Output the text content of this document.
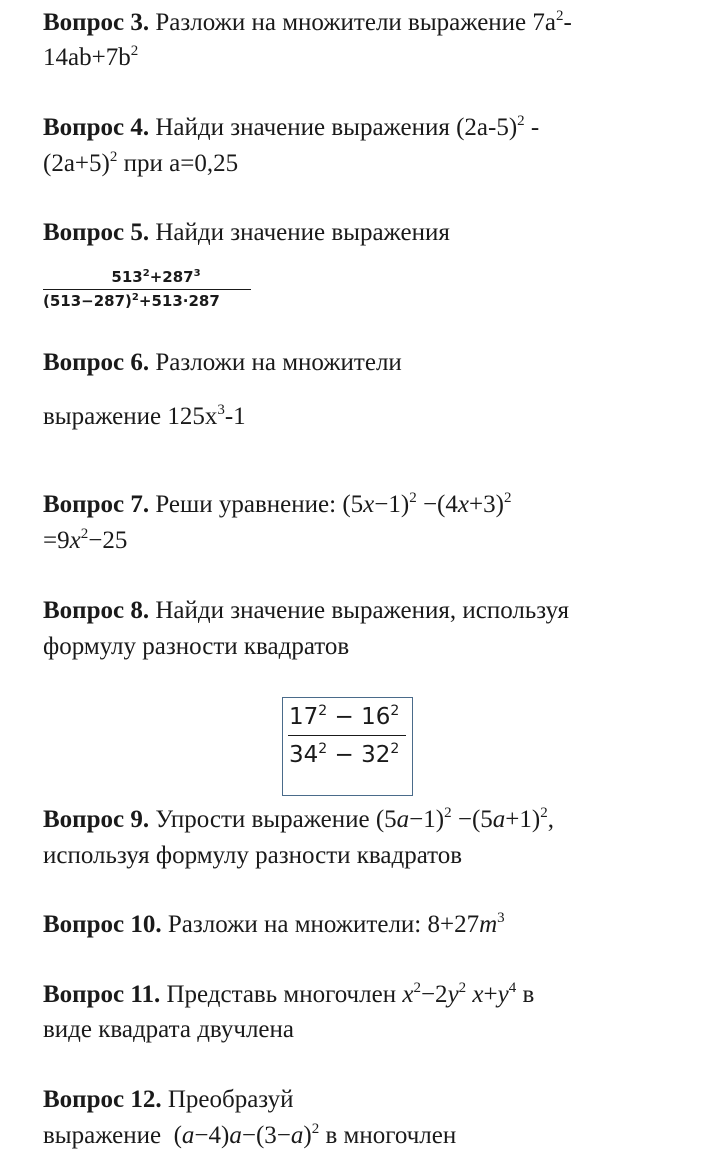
Вопрос 3. Разложи на множители выражение $7a^2-$
$14ab+7b^2$
Вопрос 4. Найди значение выражения $(2a-5)^2$ -
$(2a+5)^2$ при a=0,25
Вопрос 5. Найди значение выражения
$513^2+287^3$
$(513-287)^2+513\cdot 287$
Вопрос 6. Разложи на множители
выражение $125x^3-1$
Вопрос 7. Реши уравнение: $(5x-1)^2 -(4x+3)^2$
$=9x^2-25$
Вопрос 8. Найди значение выражения, используя
формулу разности квадратов
$17^2 - 16^2$
$34^2 - 32^2$
Вопрос 9. Упрости выражение $(5a-1)^2 -(5a+1)^2$,
используя формулу разности квадратов
Вопрос 10. Разложи на множители: $8+27m^3$
Вопрос 11. Представь многочлен $x^2-2y^2$ $x+y^4$ в
виде квадрата двучлена
Вопрос 12. Преобразуй
выражение  $(a-4)a-(3-a)^2$ в многочлен
